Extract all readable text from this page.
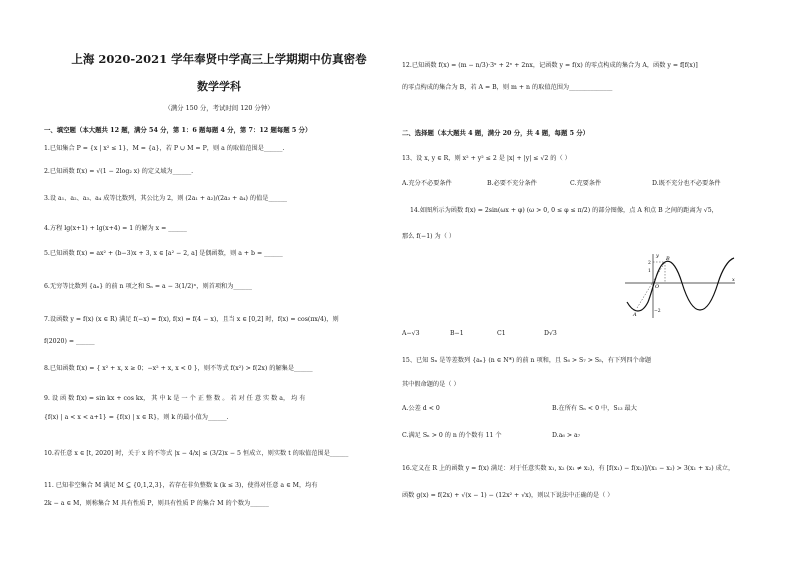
上海 2020-2021 学年奉贤中学高三上学期期中仿真密卷
数学学科
（满分 150 分，考试时间 120 分钟）
一、填空题（本大题共 12 题，满分 54 分，第 1：6 题每题 4 分，第 7：12 题每题 5 分）
1.已知集合 P = {x | x² ≤ 1}，M = {a}，若 P ∪ M = P，则 a 的取值范围是______.
2.已知函数 f(x) = √(1 − 2log₂ x) 的定义域为______.
3.设 a₁、a₂、a₃、a₄ 成等比数列，其公比为 2，则 (2a₁ + a₂)/(2a₃ + a₄) 的值是______
4.方程 lg(x+1) + lg(x+4) = 1 的解为 x = ______
5.已知函数 f(x) = ax² + (b−3)x + 3, x ∈ [a² − 2, a] 是偶函数，则 a + b = ______
6.无穷等比数列 {aₙ} 的前 n 项之和 Sₙ = a − 3(1/2)ⁿ，则首项和为______
7.设函数 y = f(x) (x ∈ R) 满足 f(−x) = f(x), f(x) = f(4 − x)，且当 x ∈ [0,2] 时，f(x) = cos(πx/4)，则
f(2020) = ______
8.已知函数 f(x) = { x² + x, x ≥ 0；−x² + x, x < 0 }，则不等式 f(x²) > f(2x) 的解集是______
9. 设 函 数 f(x) = sin kx + cos kx， 其 中 k 是 一 个 正 整 数 。 若 对 任 意 实 数 a， 均 有
{f(x) | a < x < a+1} = {f(x) | x ∈ R}，则 k 的最小值为______.
10.若任意 x ∈ [t, 2020] 时，关于 x 的不等式 |x − 4/x| ≤ (3/2)x − 5 恒成立，则实数 t 的取值范围是______
11. 已知非空集合 M 满足 M ⊆ {0,1,2,3}，若存在非负整数 k (k ≤ 3)，使得对任意 a ∈ M，均有
2k − a ∈ M，则称集合 M 具有性质 P，则具有性质 P 的集合 M 的个数为______
12.已知函数 f(x) = (m − n/3)·3ˣ + 2ˣ + 2nx，记函数 y = f(x) 的零点构成的集合为 A，函数 y = f[f(x)]
的零点构成的集合为 B，若 A = B，则 m + n 的取值范围为______________
二、选择题（本大题共 4 题，满分 20 分，共 4 题，每题 5 分）
13、设 x, y ∈ R，则 x² + y² ≤ 2 是 |x| + |y| ≤ √2 的（ ）
A.充分不必要条件	B.必要不充分条件	C.充要条件	D.既不充分也不必要条件
14.如图所示为函数 f(x) = 2sin(ωx + φ) (ω > 0, 0 ≤ φ ≤ π/2) 的部分图像，点 A 和点 B 之间的距离为 √5，
那么 f(−1) 为（ ）
y
x
B
A
O
2
1
−2
A−√3	B−1	C1	D√3
15、已知 Sₙ 是等差数列 {aₙ} (n ∈ N*) 的前 n 项和，且 S₆ > S₇ > S₅，有下列四个命题
其中假命题的是（ ）
A.公差 d < 0	B.在所有 Sₙ < 0 中，S₁₃ 最大
C.满足 Sₙ > 0 的 n 的个数有 11 个	D.a₆ > a₇
16.定义在 R 上的函数 y = f(x) 满足：对于任意实数 x₁, x₂ (x₁ ≠ x₂)，有 [f(x₁) − f(x₂)]/(x₁ − x₂) > 3(x₁ + x₂) 成立，
函数 g(x) = f(2x) + √(x − 1) − (12x² + √x)，则以下说法中正确的是（ ）
